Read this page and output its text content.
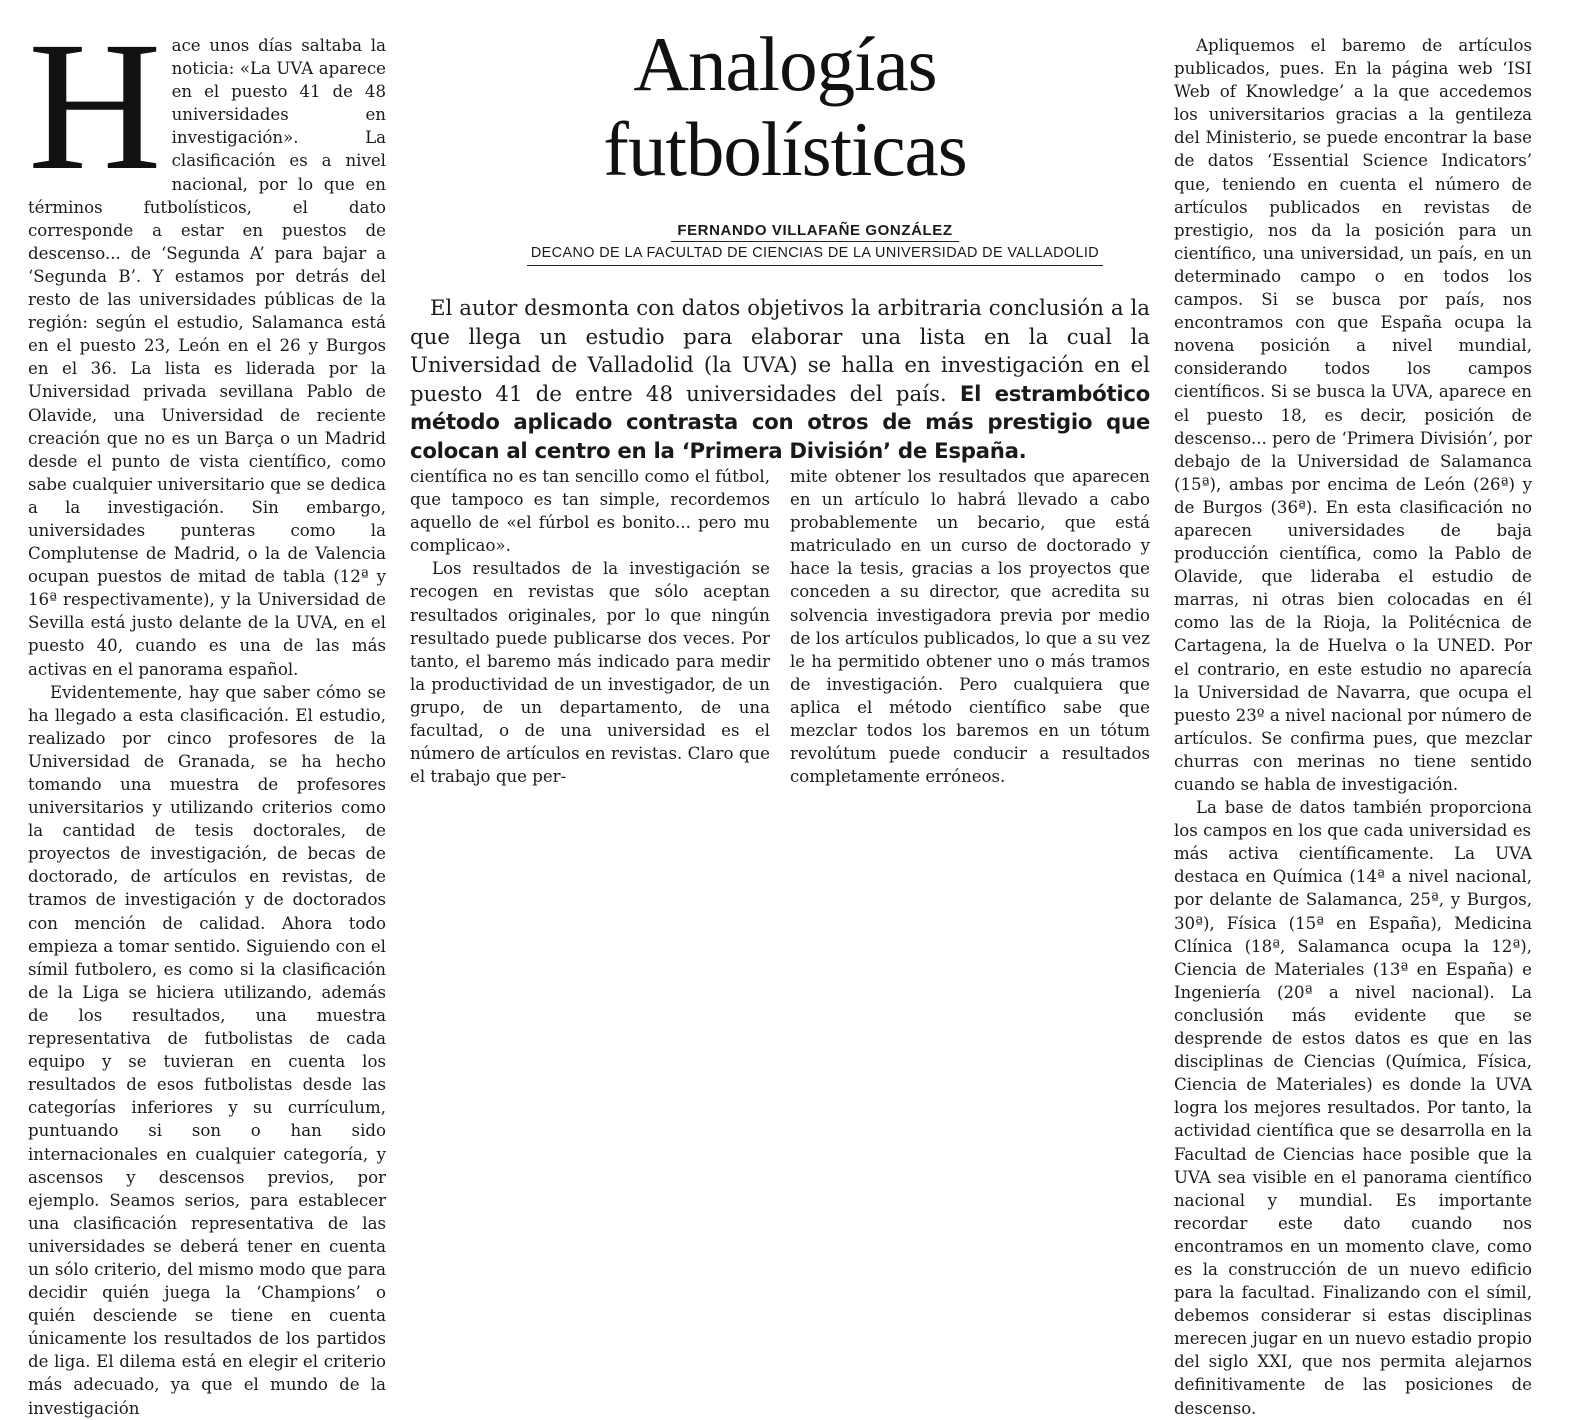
H ace unos días saltaba la noticia: «La UVA aparece en el puesto 41 de 48 universidades en investigación». La clasificación es a nivel nacional, por lo que en términos futbolísticos, el dato corresponde a estar en puestos de descenso... de ‘Segunda A’ para bajar a ‘Segunda B’. Y estamos por detrás del resto de las universidades públicas de la región: según el estudio, Salamanca está en el puesto 23, León en el 26 y Burgos en el 36. La lista es liderada por la Universidad privada sevillana Pablo de Olavide, una Universidad de reciente creación que no es un Barça o un Madrid desde el punto de vista científico, como sabe cualquier universitario que se dedica a la investigación. Sin embargo, universidades punteras como la Complutense de Madrid, o la de Valencia ocupan puestos de mitad de tabla (12ª y 16ª respectivamente), y la Universidad de Sevilla está justo delante de la UVA, en el puesto 40, cuando es una de las más activas en el panorama español.

Evidentemente, hay que saber cómo se ha llegado a esta clasificación. El estudio, realizado por cinco profesores de la Universidad de Granada, se ha hecho tomando una muestra de profesores universitarios y utilizando criterios como la cantidad de tesis doctorales, de proyectos de investigación, de becas de doctorado, de artículos en revistas, de tramos de investigación y de doctorados con mención de calidad. Ahora todo empieza a tomar sentido. Siguiendo con el símil futbolero, es como si la clasificación de la Liga se hiciera utilizando, además de los resultados, una muestra representativa de futbolistas de cada equipo y se tuvieran en cuenta los resultados de esos futbolistas desde las categorías inferiores y su currículum, puntuando si son o han sido internacionales en cualquier categoría, y ascensos y descensos previos, por ejemplo. Seamos serios, para establecer una clasificación representativa de las universidades se deberá tener en cuenta un sólo criterio, del mismo modo que para decidir quién juega la ‘Champions’ o quién desciende se tiene en cuenta únicamente los resultados de los partidos de liga. El dilema está en elegir el criterio más adecuado, ya que el mundo de la investigación

Analogías
futbolísticas
FERNANDO VILLAFAÑE GONZÁLEZ
DECANO DE LA FACULTAD DE CIENCIAS DE LA UNIVERSIDAD DE VALLADOLID

El autor desmonta con datos objetivos la arbitraria conclusión a la que llega un estudio para elaborar una lista en la cual la Universidad de Valladolid (la UVA) se halla en investigación en el puesto 41 de entre 48 universidades del país. El estrambótico método aplicado contrasta con otros de más prestigio que colocan al centro en la ‘Primera División’ de España.

científica no es tan sencillo como el fútbol, que tampoco es tan simple, recordemos aquello de «el fúrbol es bonito... pero mu complicao».

Los resultados de la investigación se recogen en revistas que sólo aceptan resultados originales, por lo que ningún resultado puede publicarse dos veces. Por tanto, el baremo más indicado para medir la productividad de un investigador, de un grupo, de un departamento, de una facultad, o de una universidad es el número de artículos en revistas. Claro que el trabajo que per-

mite obtener los resultados que aparecen en un artículo lo habrá llevado a cabo probablemente un becario, que está matriculado en un curso de doctorado y hace la tesis, gracias a los proyectos que conceden a su director, que acredita su solvencia investigadora previa por medio de los artículos publicados, lo que a su vez le ha permitido obtener uno o más tramos de investigación. Pero cualquiera que aplica el método científico sabe que mezclar todos los baremos en un tótum revolútum puede conducir a resultados completamente erróneos.

Apliquemos el baremo de artículos publicados, pues. En la página web ‘ISI Web of Knowledge’ a la que accedemos los universitarios gracias a la gentileza del Ministerio, se puede encontrar la base de datos ‘Essential Science Indicators’ que, teniendo en cuenta el número de artículos publicados en revistas de prestigio, nos da la posición para un científico, una universidad, un país, en un determinado campo o en todos los campos. Si se busca por país, nos encontramos con que España ocupa la novena posición a nivel mundial, considerando todos los campos científicos. Si se busca la UVA, aparece en el puesto 18, es decir, posición de descenso... pero de ‘Primera División’, por debajo de la Universidad de Salamanca (15ª), ambas por encima de León (26ª) y de Burgos (36ª). En esta clasificación no aparecen universidades de baja producción científica, como la Pablo de Olavide, que lideraba el estudio de marras, ni otras bien colocadas en él como las de la Rioja, la Politécnica de Cartagena, la de Huelva o la UNED. Por el contrario, en este estudio no aparecía la Universidad de Navarra, que ocupa el puesto 23º a nivel nacional por número de artículos. Se confirma pues, que mezclar churras con merinas no tiene sentido cuando se habla de investigación.

La base de datos también proporciona los campos en los que cada universidad es

más activa científicamente. La UVA destaca en Química (14ª a nivel nacional, por delante de Salamanca, 25ª, y Burgos, 30ª), Física (15ª en España), Medicina Clínica (18ª, Salamanca ocupa la 12ª), Ciencia de Materiales (13ª en España) e Ingeniería (20ª a nivel nacional). La conclusión más evidente que se desprende de estos datos es que en las disciplinas de Ciencias (Química, Física, Ciencia de Materiales) es donde la UVA logra los mejores resultados. Por tanto, la actividad científica que se desarrolla en la Facultad de Ciencias hace posible que la UVA sea visible en el panorama científico nacional y mundial. Es importante recordar este dato cuando nos encontramos en un momento clave, como es la construcción de un nuevo edificio para la facultad. Finalizando con el símil, debemos considerar si estas disciplinas merecen jugar en un nuevo estadio propio del siglo XXI, que nos permita alejarnos definitivamente de las posiciones de descenso.
